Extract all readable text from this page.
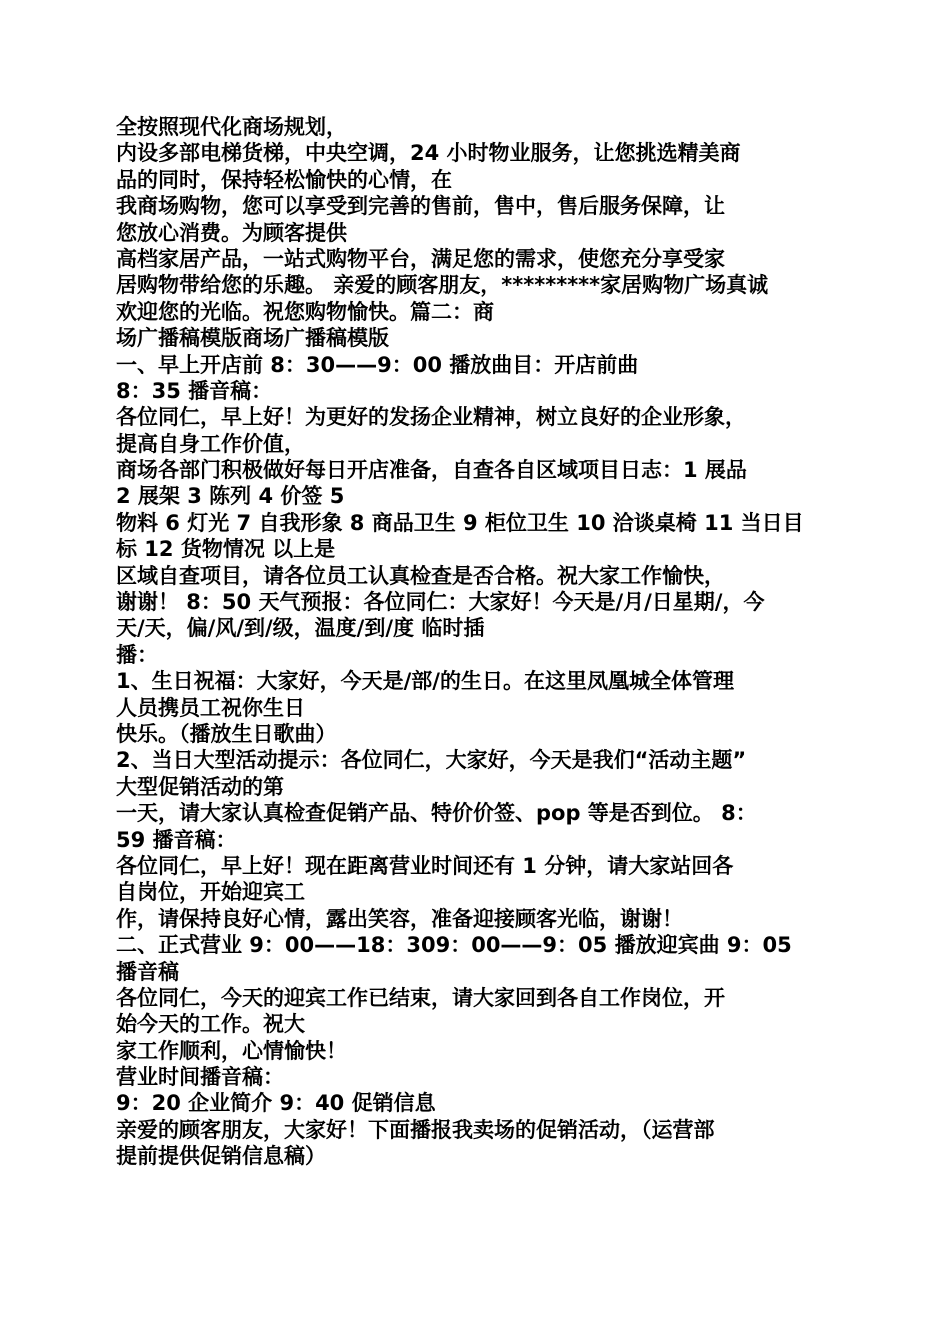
全按照现代化商场规划，
内设多部电梯货梯，中央空调，24 小时物业服务，让您挑选精美商
品的同时，保持轻松愉快的心情，在
我商场购物，您可以享受到完善的售前，售中，售后服务保障，让
您放心消费。为顾客提供
高档家居产品，一站式购物平台，满足您的需求，使您充分享受家
居购物带给您的乐趣。 亲爱的顾客朋友，*********家居购物广场真诚
欢迎您的光临。祝您购物愉快。篇二：商
场广播稿模版商场广播稿模版
一、早上开店前 8：30——9：00 播放曲目：开店前曲
8：35 播音稿：
各位同仁，早上好！为更好的发扬企业精神，树立良好的企业形象，
提高自身工作价值，
商场各部门积极做好每日开店准备，自查各自区域项目日志：1 展品
2 展架 3 陈列 4 价签 5
物料 6 灯光 7 自我形象 8 商品卫生 9 柜位卫生 10 洽谈桌椅 11 当日目
标 12 货物情况 以上是
区域自查项目，请各位员工认真检查是否合格。祝大家工作愉快，
谢谢！ 8：50 天气预报：各位同仁：大家好！今天是/月/日星期/，今
天/天，偏/风/到/级，温度/到/度 临时插
播：
1、生日祝福：大家好，今天是/部/的生日。在这里凤凰城全体管理
人员携员工祝你生日
快乐。（播放生日歌曲）
2、当日大型活动提示：各位同仁，大家好，今天是我们“活动主题”
大型促销活动的第
一天，请大家认真检查促销产品、特价价签、pop 等是否到位。 8：
59 播音稿：
各位同仁，早上好！现在距离营业时间还有 1 分钟，请大家站回各
自岗位，开始迎宾工
作，请保持良好心情，露出笑容，准备迎接顾客光临，谢谢！
二、正式营业 9：00——18：309：00——9：05 播放迎宾曲 9：05
播音稿
各位同仁，今天的迎宾工作已结束，请大家回到各自工作岗位，开
始今天的工作。祝大
家工作顺利，心情愉快！
营业时间播音稿：
9：20 企业简介 9：40 促销信息
亲爱的顾客朋友，大家好！下面播报我卖场的促销活动，（运营部
提前提供促销信息稿）
